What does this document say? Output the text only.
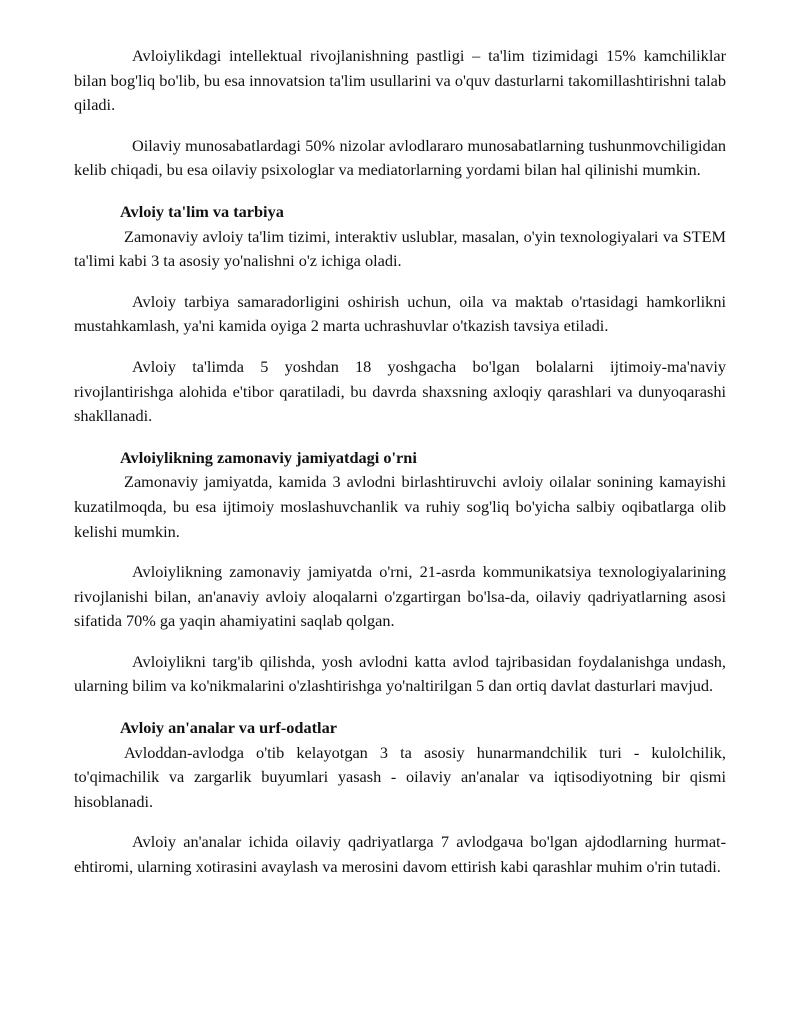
Avloiylikdagi intellektual rivojlanishning pastligi – ta'lim tizimidagi 15% kamchiliklar bilan bog'liq bo'lib, bu esa innovatsion ta'lim usullarini va o'quv dasturlarni takomillashtirishni talab qiladi.

Oilaviy munosabatlardagi 50% nizolar avlodlararo munosabatlarning tushunmovchiligidan kelib chiqadi, bu esa oilaviy psixologlar va mediatorlarning yordami bilan hal qilinishi mumkin.

Avloiy ta'lim va tarbiya

Zamonaviy avloiy ta'lim tizimi, interaktiv uslublar, masalan, o'yin texnologiyalari va STEM ta'limi kabi 3 ta asosiy yo'nalishni o'z ichiga oladi.

Avloiy tarbiya samaradorligini oshirish uchun, oila va maktab o'rtasidagi hamkorlikni mustahkamlash, ya'ni kamida oyiga 2 marta uchrashuvlar o'tkazish tavsiya etiladi.

Avloiy ta'limda 5 yoshdan 18 yoshgacha bo'lgan bolalarni ijtimoiy-ma'naviy rivojlantirishga alohida e'tibor qaratiladi, bu davrda shaxsning axloqiy qarashlari va dunyoqarashi shakllanadi.

Avloiylikning zamonaviy jamiyatdagi o'rni

Zamonaviy jamiyatda, kamida 3 avlodni birlashtiruvchi avloiy oilalar sonining kamayishi kuzatilmoqda, bu esa ijtimoiy moslashuvchanlik va ruhiy sog'liq bo'yicha salbiy oqibatlarga olib kelishi mumkin.

Avloiylikning zamonaviy jamiyatda o'rni, 21-asrda kommunikatsiya texnologiyalarining rivojlanishi bilan, an'anaviy avloiy aloqalarni o'zgartirgan bo'lsa-da, oilaviy qadriyatlarning asosi sifatida 70% ga yaqin ahamiyatini saqlab qolgan.

Avloiylikni targ'ib qilishda, yosh avlodni katta avlod tajribasidan foydalanishga undash, ularning bilim va ko'nikmalarini o'zlashtirishga yo'naltirilgan 5 dan ortiq davlat dasturlari mavjud.

Avloiy an'analar va urf-odatlar

Avloddan-avlodga o'tib kelayotgan 3 ta asosiy hunarmandchilik turi - kulolchilik, to'qimachilik va zargarlik buyumlari yasash - oilaviy an'analar va iqtisodiyotning bir qismi hisoblanadi.

Avloiy an'analar ichida oilaviy qadriyatlarga 7 avlodgaча bo'lgan ajdodlarning hurmat-ehtiromi, ularning xotirasini avaylash va merosini davom ettirish kabi qarashlar muhim o'rin tutadi.
